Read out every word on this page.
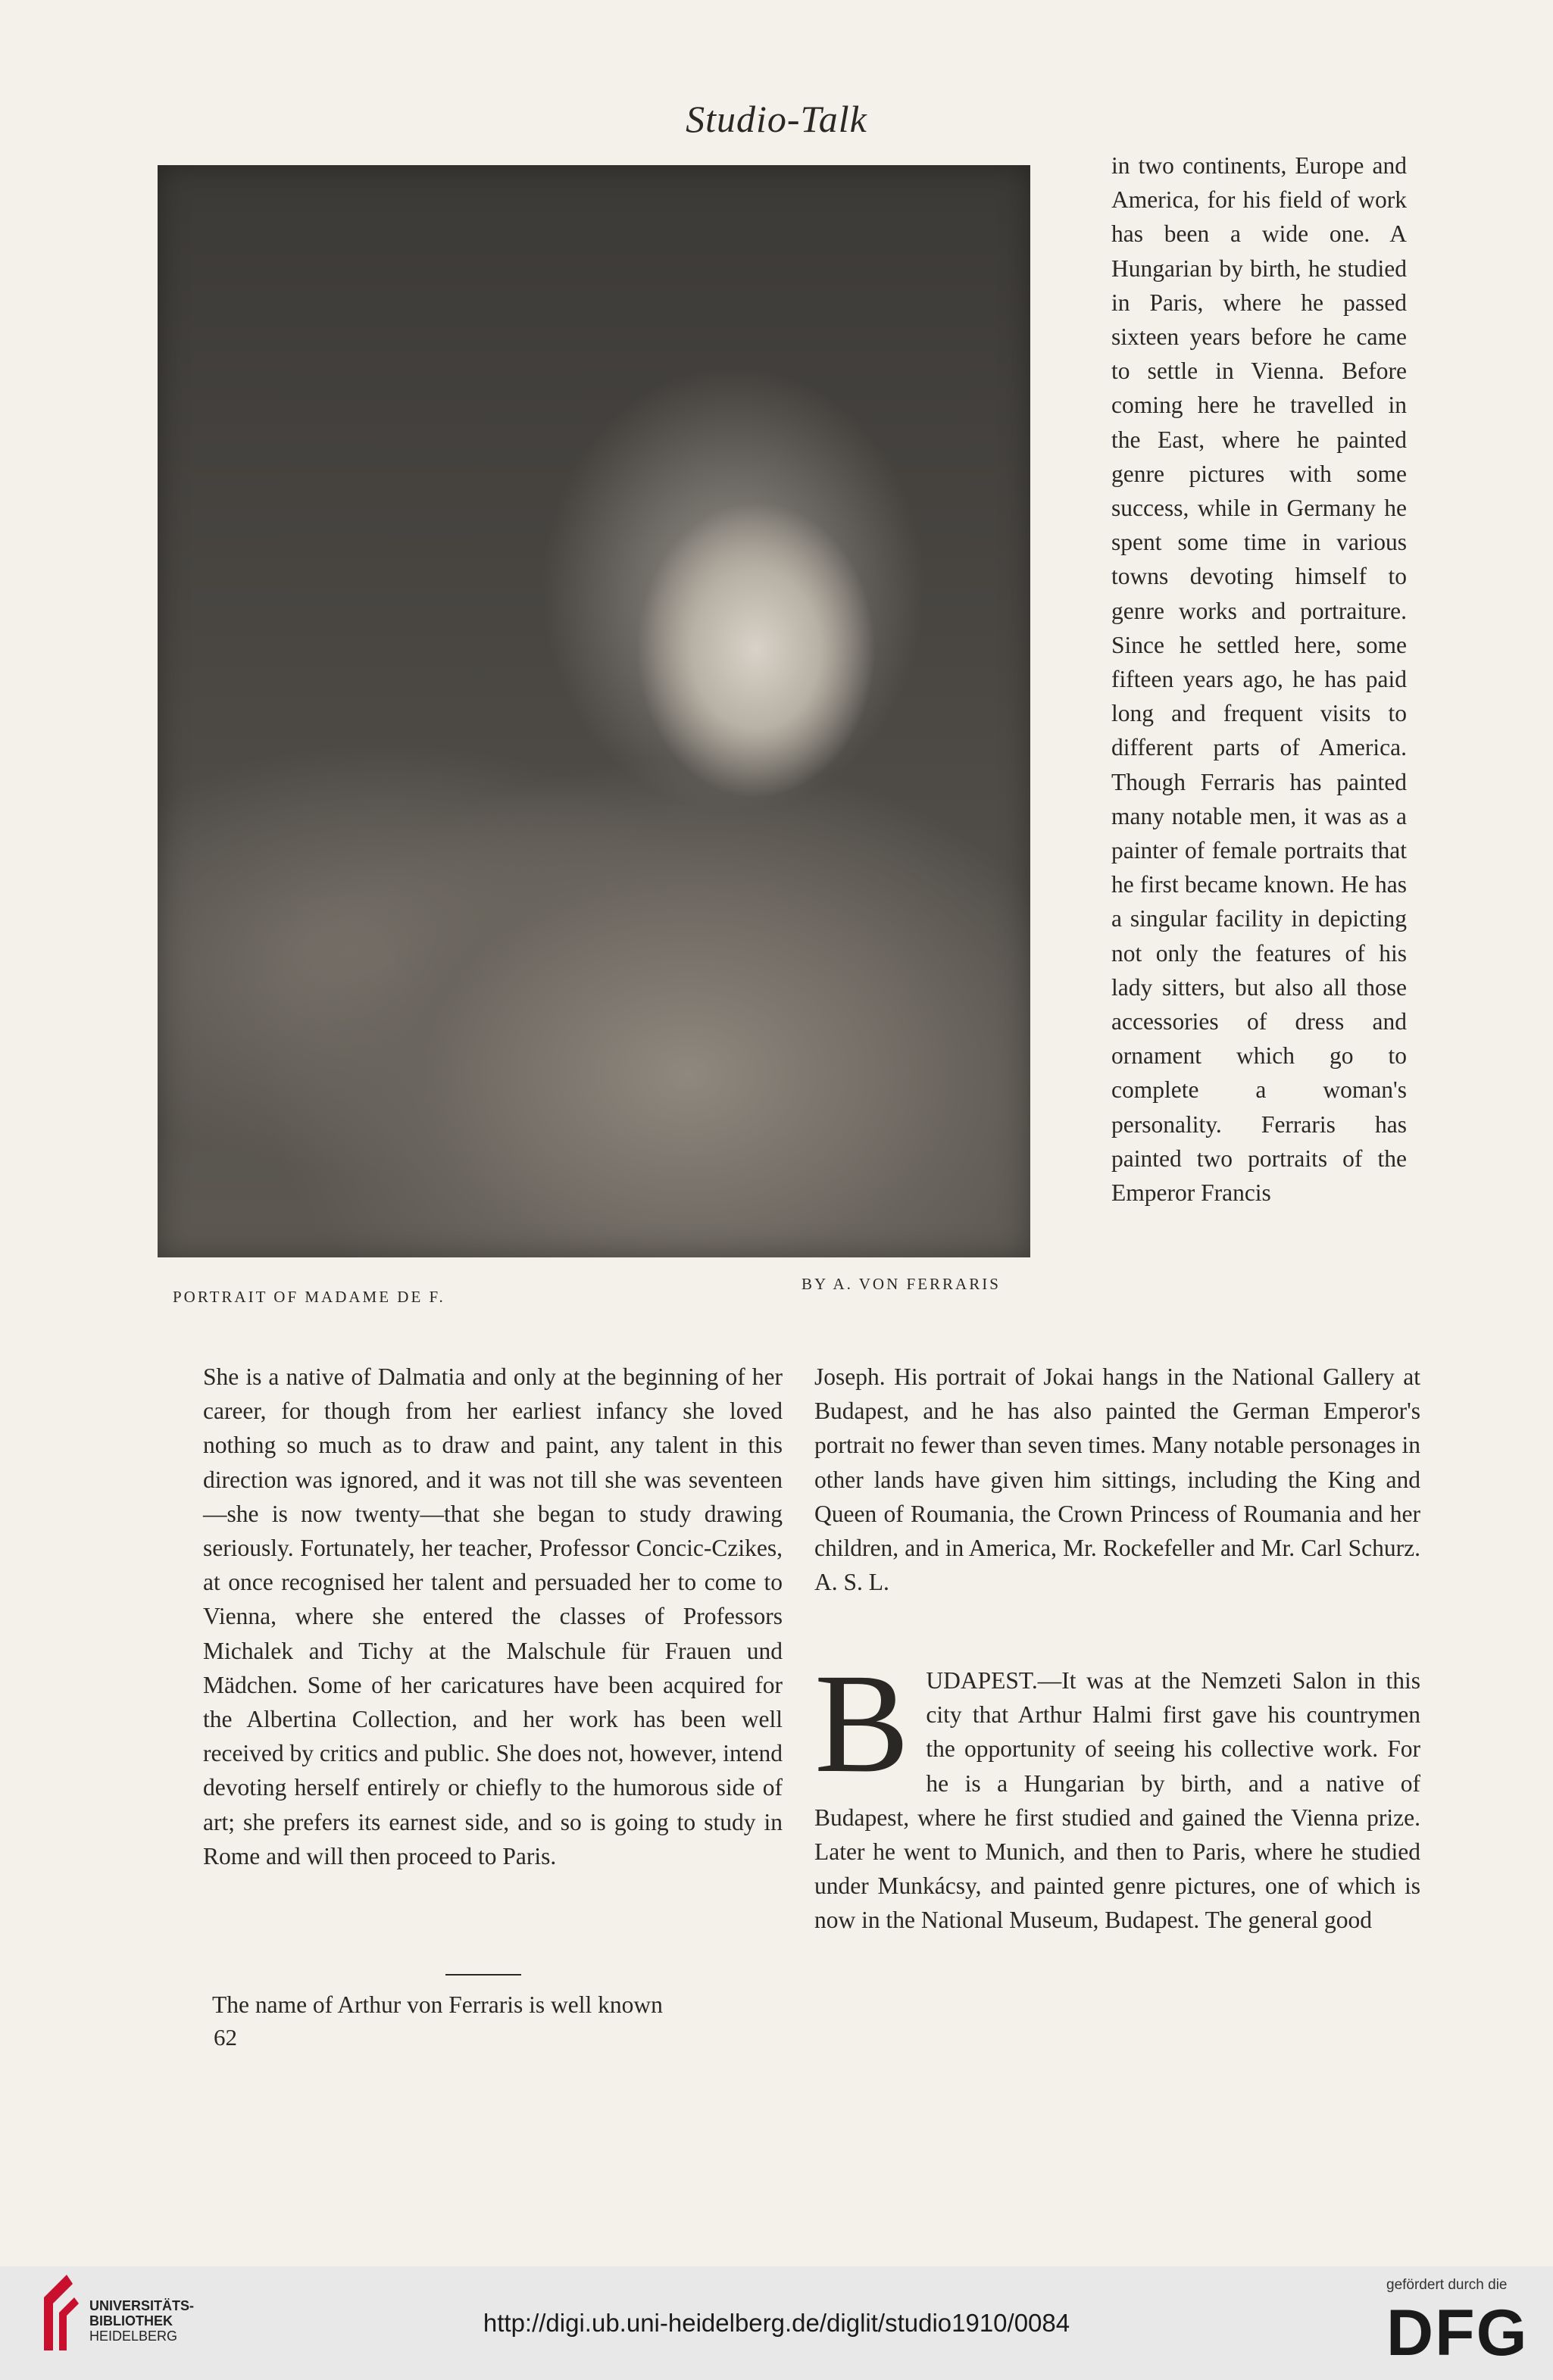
Studio-Talk
PORTRAIT OF MADAME DE F.
BY A. VON FERRARIS
in two continents, Europe and America, for his field of work has been a wide one. A Hungarian by birth, he studied in Paris, where he passed sixteen years before he came to settle in Vienna. Before coming here he travelled in the East, where he painted genre pictures with some success, while in Germany he spent some time in various towns devoting himself to genre works and portraiture. Since he settled here, some fifteen years ago, he has paid long and frequent visits to different parts of America. Though Ferraris has painted many notable men, it was as a painter of female portraits that he first became known. He has a singular facility in depicting not only the features of his lady sitters, but also all those accessories of dress and ornament which go to complete a woman's personality. Ferraris has painted two portraits of the Emperor Francis
She is a native of Dalmatia and only at the beginning of her career, for though from her earliest infancy she loved nothing so much as to draw and paint, any talent in this direction was ignored, and it was not till she was seventeen—she is now twenty—that she began to study drawing seriously. Fortunately, her teacher, Professor Concic-Czikes, at once recognised her talent and persuaded her to come to Vienna, where she entered the classes of Professors Michalek and Tichy at the Malschule für Frauen und Mädchen. Some of her caricatures have been acquired for the Albertina Collection, and her work has been well received by critics and public. She does not, however, intend devoting herself entirely or chiefly to the humorous side of art; she prefers its earnest side, and so is going to study in Rome and will then proceed to Paris.
Joseph. His portrait of Jokai hangs in the National Gallery at Budapest, and he has also painted the German Emperor's portrait no fewer than seven times. Many notable personages in other lands have given him sittings, including the King and Queen of Roumania, the Crown Princess of Roumania and her children, and in America, Mr. Rockefeller and Mr. Carl Schurz. A. S. L.
B UDAPEST.—It was at the Nemzeti Salon in this city that Arthur Halmi first gave his countrymen the opportunity of seeing his collective work. For he is a Hungarian by birth, and a native of Budapest, where he first studied and gained the Vienna prize. Later he went to Munich, and then to Paris, where he studied under Munkácsy, and painted genre pictures, one of which is now in the National Museum, Budapest. The general good
The name of Arthur von Ferraris is well known
62
UNIVERSITÄTS-
BIBLIOTHEK
HEIDELBERG	http://digi.ub.uni-heidelberg.de/diglit/studio1910/0084
gefördert durch die
DFG
